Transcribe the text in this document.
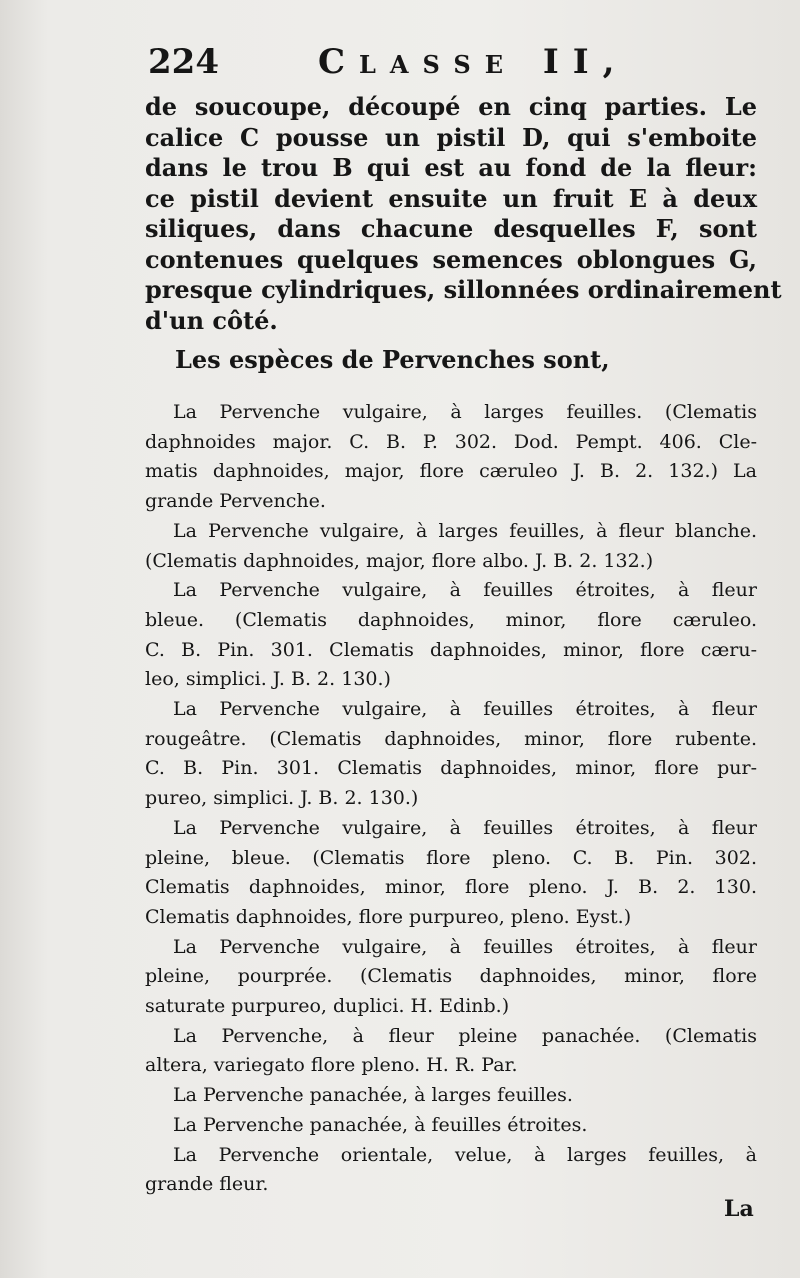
224	Classe II,
de soucoupe, découpé en cinq parties. Le
calice C pousse un pistil D, qui s'emboite
dans le trou B qui est au fond de la fleur:
ce pistil devient ensuite un fruit E à deux
siliques, dans chacune desquelles F, sont
contenues quelques semences oblongues G,
presque cylindriques, sillonnées ordinairement
d'un côté.
Les espèces de Pervenches sont,

La Pervenche vulgaire, à larges feuilles. (Clematis
daphnoides major. C. B. P. 302. Dod. Pempt. 406. Cle-
matis daphnoides, major, flore cæruleo J. B. 2. 132.) La
grande Pervenche.

La Pervenche vulgaire, à larges feuilles, à fleur blanche.
(Clematis daphnoides, major, flore albo. J. B. 2. 132.)

La Pervenche vulgaire, à feuilles étroites, à fleur
bleue. (Clematis daphnoides, minor, flore cæruleo.
C. B. Pin. 301. Clematis daphnoides, minor, flore cæru-
leo, simplici. J. B. 2. 130.)

La Pervenche vulgaire, à feuilles étroites, à fleur
rougeâtre. (Clematis daphnoides, minor, flore rubente.
C. B. Pin. 301. Clematis daphnoides, minor, flore pur-
pureo, simplici. J. B. 2. 130.)

La Pervenche vulgaire, à feuilles étroites, à fleur
pleine, bleue. (Clematis flore pleno. C. B. Pin. 302.
Clematis daphnoides, minor, flore pleno. J. B. 2. 130.
Clematis daphnoides, flore purpureo, pleno. Eyst.)

La Pervenche vulgaire, à feuilles étroites, à fleur
pleine, pourprée. (Clematis daphnoides, minor, flore
saturate purpureo, duplici. H. Edinb.)

La Pervenche, à fleur pleine panachée. (Clematis
altera, variegato flore pleno. H. R. Par.

La Pervenche panachée, à larges feuilles.

La Pervenche panachée, à feuilles étroites.

La Pervenche orientale, velue, à larges feuilles, à
grande fleur.

La
